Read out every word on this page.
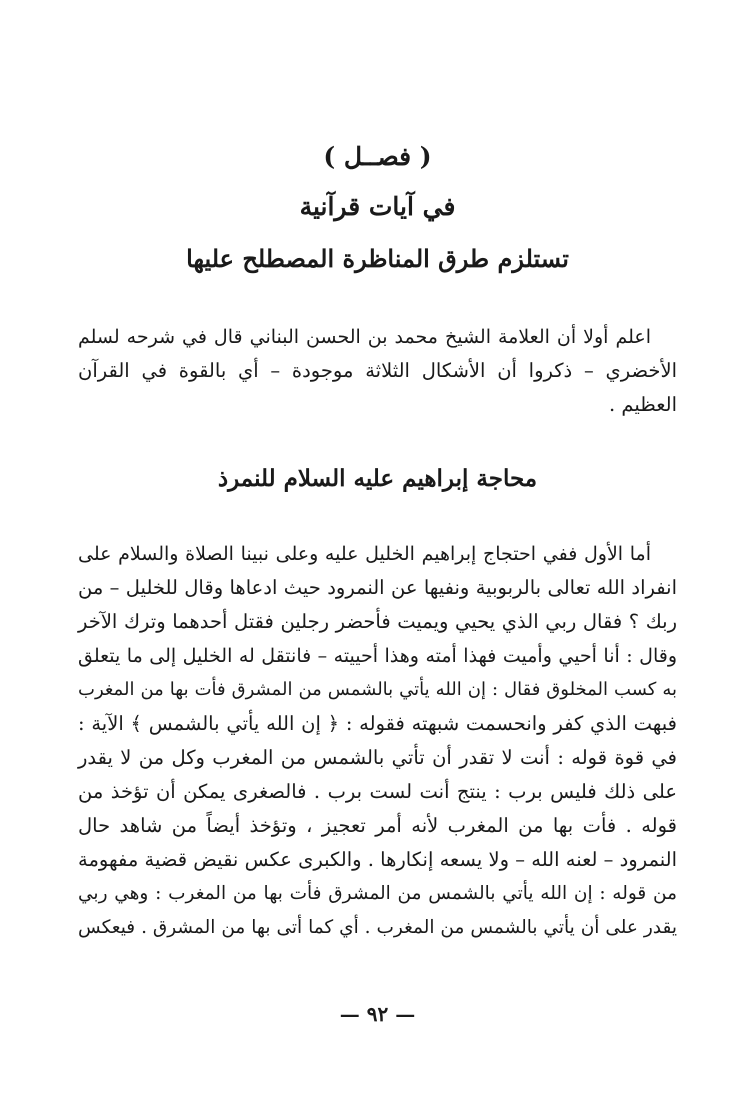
( فصــل )
في آيات قرآنية
تستلزم طرق المناظرة المصطلح عليها
اعلم أولا أن العلامة الشيخ محمد بن الحسن البناني قال في شرحه لسلم
الأخضري – ذكروا أن الأشكال الثلاثة موجودة – أي بالقوة في القرآن
العظيم .
محاجة إبراهيم عليه السلام للنمرذ
أما الأول ففي احتجاج إبراهيم الخليل عليه وعلى نبينا الصلاة والسلام على
انفراد الله تعالى بالربوبية ونفيها عن النمرود حيث ادعاها وقال للخليل – من
ربك ؟ فقال ربي الذي يحيي ويميت فأحضر رجلين فقتل أحدهما وترك الآخر
وقال : أنا أحيي وأميت فهذا أمته وهذا أحييته – فانتقل له الخليل إلى ما يتعلق
به كسب المخلوق فقال : إن الله يأتي بالشمس من المشرق فأت بها من المغرب
فبهت الذي كفر وانحسمت شبهته فقوله : ﴿ إن الله يأتي بالشمس ﴾ الآية :
في قوة قوله : أنت لا تقدر أن تأتي بالشمس من المغرب وكل من لا يقدر
على ذلك فليس برب : ينتج أنت لست برب . فالصغرى يمكن أن تؤخذ من
قوله . فأت بها من المغرب لأنه أمر تعجيز ، وتؤخذ أيضاً من شاهد حال
النمرود – لعنه الله – ولا يسعه إنكارها . والكبرى عكس نقيض قضية مفهومة
من قوله : إن الله يأتي بالشمس من المشرق فأت بها من المغرب : وهي ربي
يقدر على أن يأتي بالشمس من المغرب . أي كما أتى بها من المشرق . فيعكس
— ٩٢ —
